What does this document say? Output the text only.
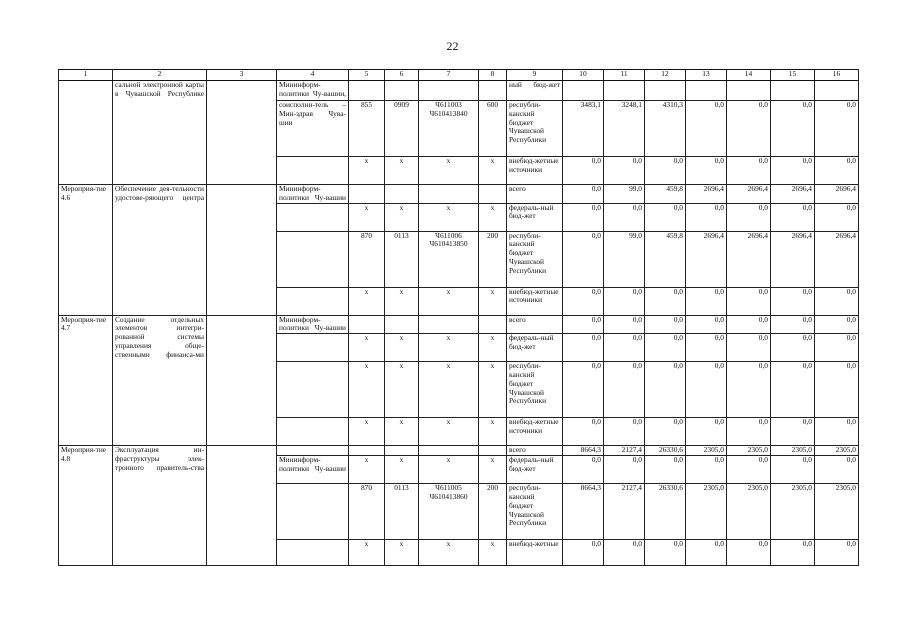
22
1	2	3	4	5	6	7	8	9	10	11	12	13	14	15	16
	сальной электронной карты в Чувашской Республике		Мининформ-политики Чу-вашии,					ный бюд-жет							
			соисполни-тель – Мин-здрав Чува-шии	855	0909	Ч611003 Ч610413840	600	республи-канский бюджет Чувашской Республики	3483,1	3248,1	4310,3	0,0	0,0	0,0	0,0
				x	x	x	x	внебюд-жетные источники	0,0	0,0	0,0	0,0	0,0	0,0	0,0
Мероприя-тие 4.6	Обеспечение дея-тельности удостове-ряющего центра		Мининформ-политики Чу-вашии					всего	0,0	99,0	459,8	2696,4	2696,4	2696,4	2696,4
				x	x	x	x	федераль-ный бюд-жет	0,0	0,0	0,0	0,0	0,0	0,0	0,0
				870	0113	Ч611006 Ч610413850	200	республи-канский бюджет Чувашской Республики	0,0	99,0	459,8	2696,4	2696,4	2696,4	2696,4
				x	x	x	x	внебюд-жетные источники	0,0	0,0	0,0	0,0	0,0	0,0	0,0
Мероприя-тие 4.7	Создание отдельных элементов интегри-рованной системы управления обще-ственными финанса-ми		Мининформ-политики Чу-вашии					всего	0,0	0,0	0,0	0,0	0,0	0,0	0,0
				x	x	x	x	федераль-ный бюд-жет	0,0	0,0	0,0	0,0	0,0	0,0	0,0
				x	x	x	x	республи-канский бюджет Чувашской Республики	0,0	0,0	0,0	0,0	0,0	0,0	0,0
				x	x	x	x	внебюд-жетные источники	0,0	0,0	0,0	0,0	0,0	0,0	0,0
Мероприя-тие 4.8	Эксплуатация ин-фраструктуры элек-тронного правитель-ства							всего	8664,3	2127,4	26330,6	2305,0	2305,0	2305,0	2305,0
			Мининформ-политики Чу-вашии	x	x	x	x	федераль-ный бюд-жет	0,0	0,0	0,0	0,0	0,0	0,0	0,0
				870	0113	Ч611005 Ч610413860	200	республи-канский бюджет Чувашской Республики	8664,3	2127,4	26330,6	2305,0	2305,0	2305,0	2305,0
				x	x	x	x	внебюд-жетные	0,0	0,0	0,0	0,0	0,0	0,0	0,0
